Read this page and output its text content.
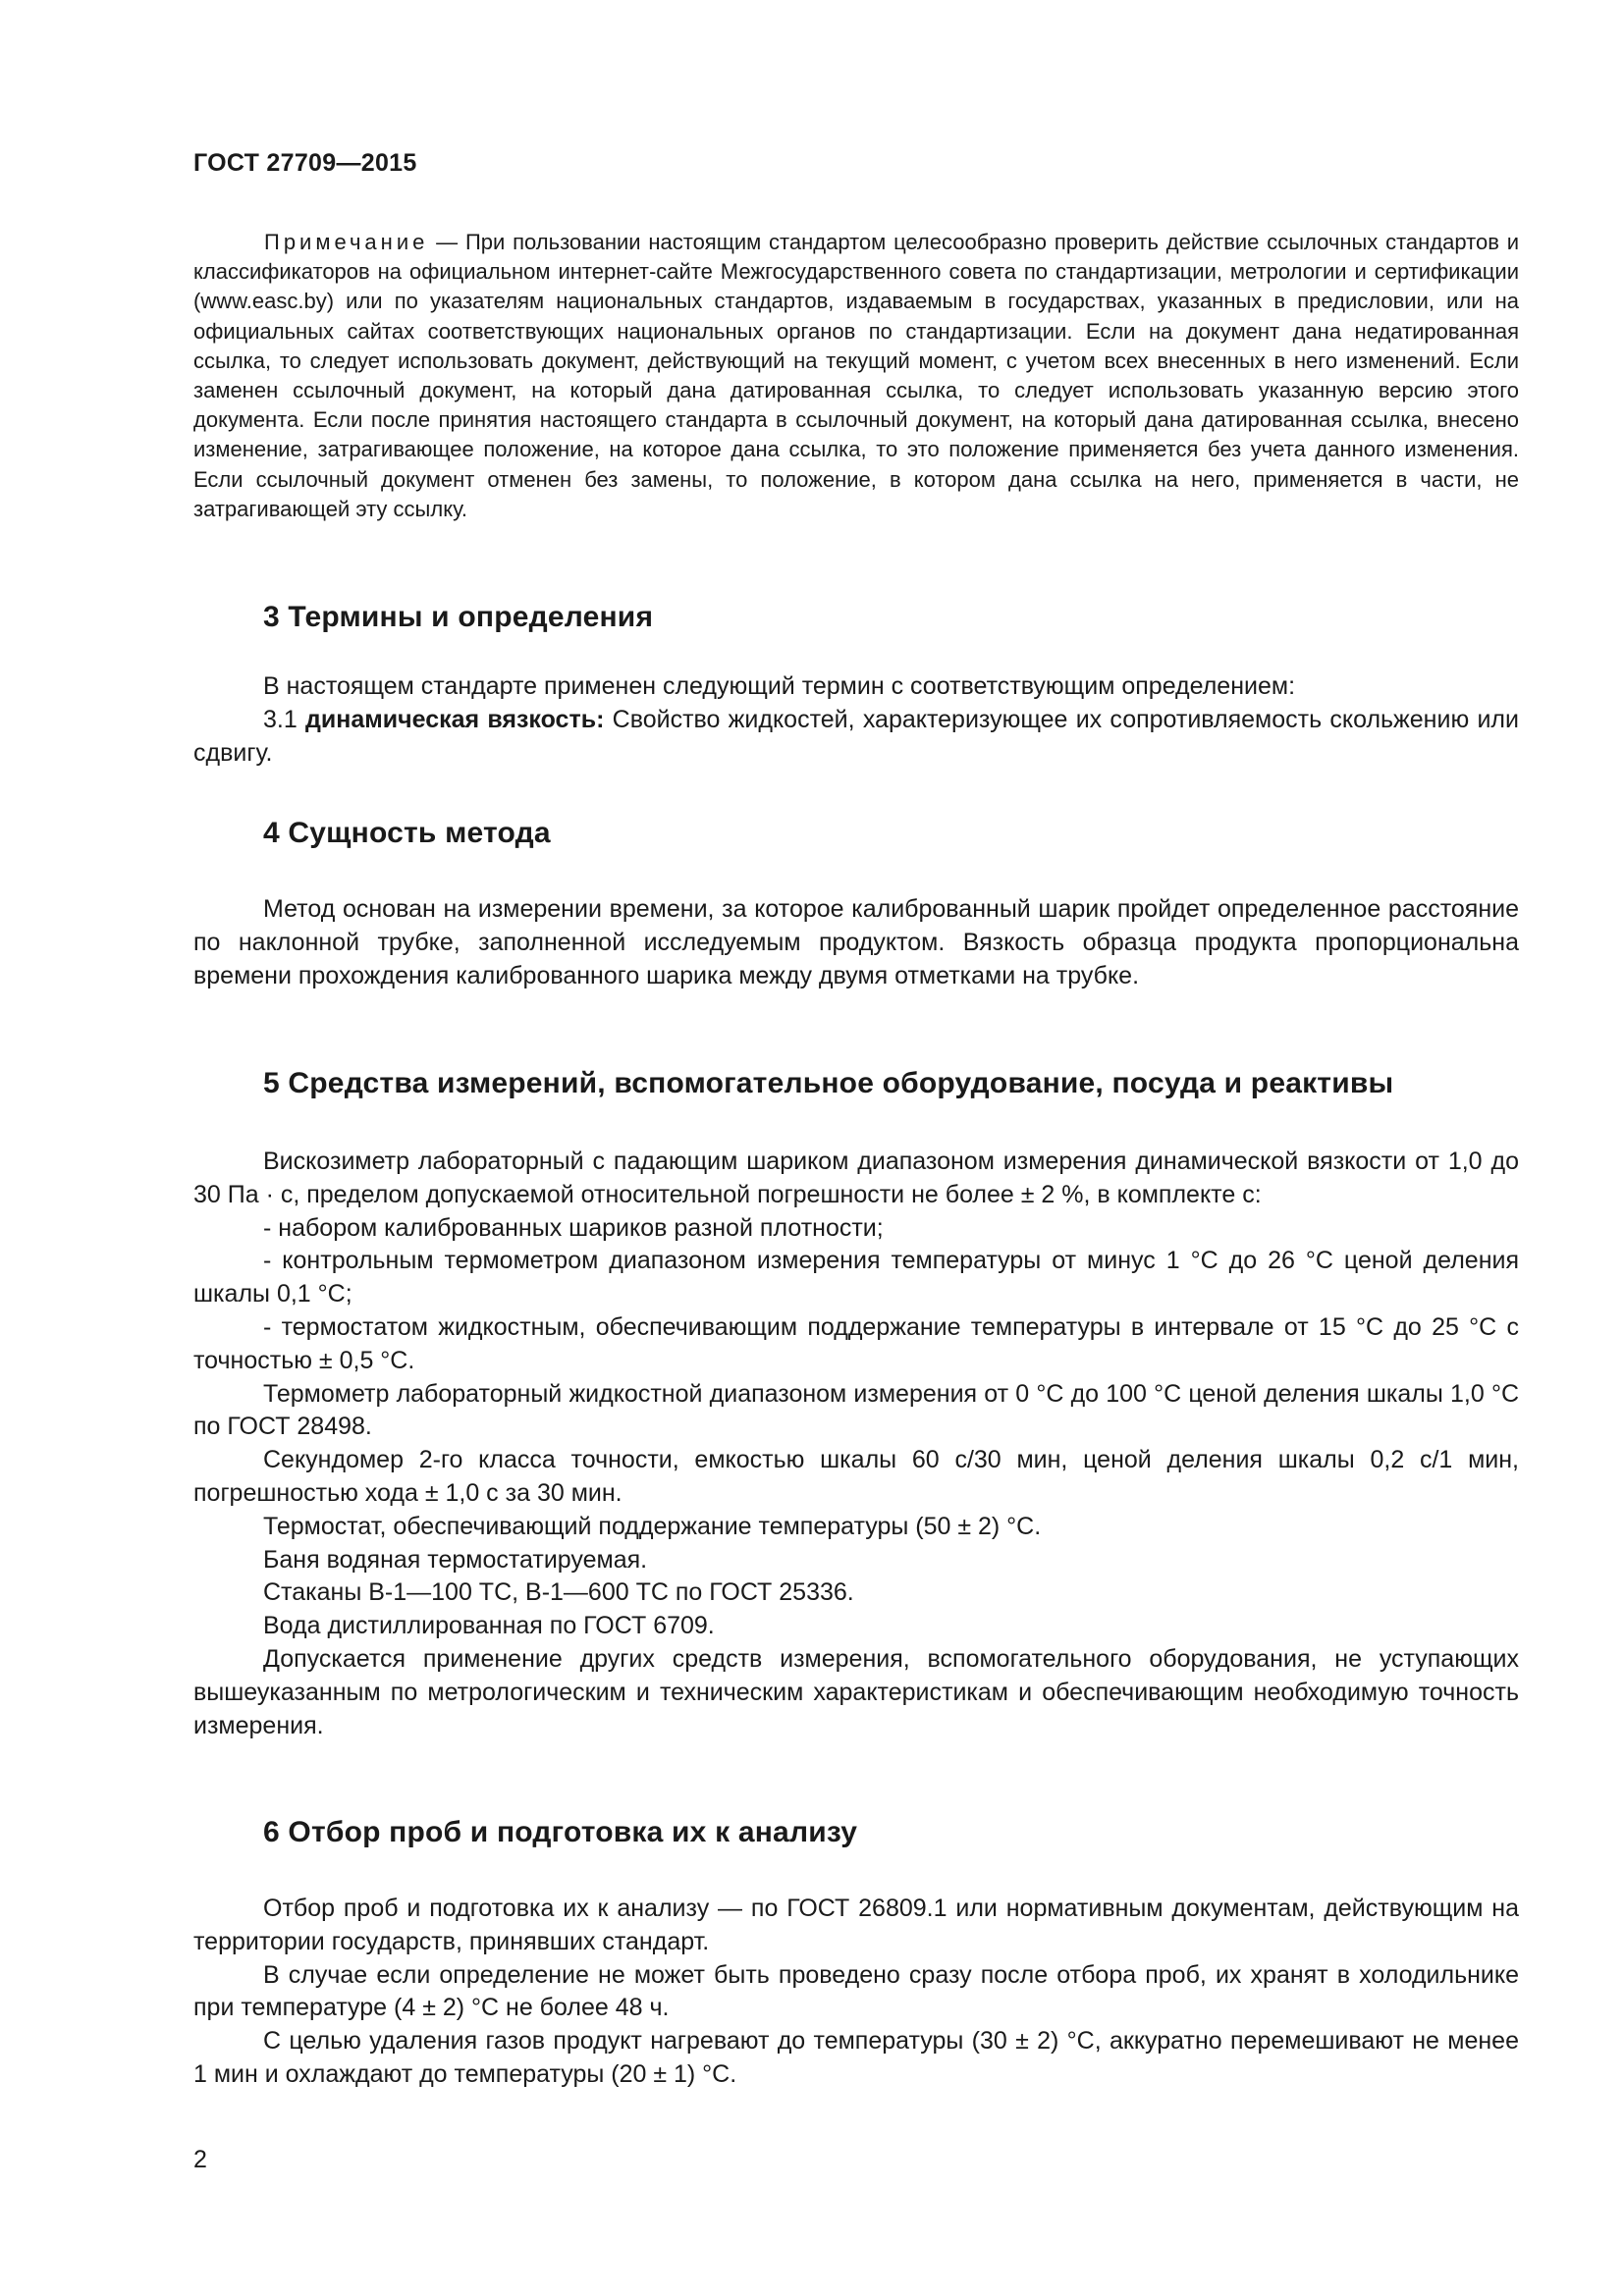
ГОСТ 27709—2015

Примечание — При пользовании настоящим стандартом целесообразно проверить действие ссылочных стандартов и классификаторов на официальном интернет-сайте Межгосударственного совета по стандартизации, метрологии и сертификации (www.easc.by) или по указателям национальных стандартов, издаваемым в государствах, указанных в предисловии, или на официальных сайтах соответствующих национальных органов по стандартизации. Если на документ дана недатированная ссылка, то следует использовать документ, действующий на текущий момент, с учетом всех внесенных в него изменений. Если заменен ссылочный документ, на который дана датированная ссылка, то следует использовать указанную версию этого документа. Если после принятия настоящего стандарта в ссылочный документ, на который дана датированная ссылка, внесено изменение, затрагивающее положение, на которое дана ссылка, то это положение применяется без учета данного изменения. Если ссылочный документ отменен без замены, то положение, в котором дана ссылка на него, применяется в части, не затрагивающей эту ссылку.

3 Термины и определения

В настоящем стандарте применен следующий термин с соответствующим определением:

3.1 динамическая вязкость: Свойство жидкостей, характеризующее их сопротивляемость скольжению или сдвигу.

4 Сущность метода

Метод основан на измерении времени, за которое калиброванный шарик пройдет определенное расстояние по наклонной трубке, заполненной исследуемым продуктом. Вязкость образца продукта пропорциональна времени прохождения калиброванного шарика между двумя отметками на трубке.

5 Средства измерений, вспомогательное оборудование, посуда и реактивы

Вискозиметр лабораторный с падающим шариком диапазоном измерения динамической вязкости от 1,0 до 30 Па · с, пределом допускаемой относительной погрешности не более ± 2 %, в комплекте с:

- набором калиброванных шариков разной плотности;

- контрольным термометром диапазоном измерения температуры от минус 1 °С до 26 °С ценой деления шкалы 0,1 °С;

- термостатом жидкостным, обеспечивающим поддержание температуры в интервале от 15 °С до 25 °С с точностью ± 0,5 °С.

Термометр лабораторный жидкостной диапазоном измерения от 0 °С до 100 °С ценой деления шкалы 1,0 °С по ГОСТ 28498.

Секундомер 2-го класса точности, емкостью шкалы 60 с/30 мин, ценой деления шкалы 0,2 с/1 мин, погрешностью хода ± 1,0 с за 30 мин.

Термостат, обеспечивающий поддержание температуры (50 ± 2) °С.

Баня водяная термостатируемая.

Стаканы В-1—100 ТС, В-1—600 ТС по ГОСТ 25336.

Вода дистиллированная по ГОСТ 6709.

Допускается применение других средств измерения, вспомогательного оборудования, не уступающих вышеуказанным по метрологическим и техническим характеристикам и обеспечивающим необходимую точность измерения.

6 Отбор проб и подготовка их к анализу

Отбор проб и подготовка их к анализу — по ГОСТ 26809.1 или нормативным документам, действующим на территории государств, принявших стандарт.

В случае если определение не может быть проведено сразу после отбора проб, их хранят в холодильнике при температуре (4 ± 2) °С не более 48 ч.

С целью удаления газов продукт нагревают до температуры (30 ± 2) °С, аккуратно перемешивают не менее 1 мин и охлаждают до температуры (20 ± 1) °С.

2
